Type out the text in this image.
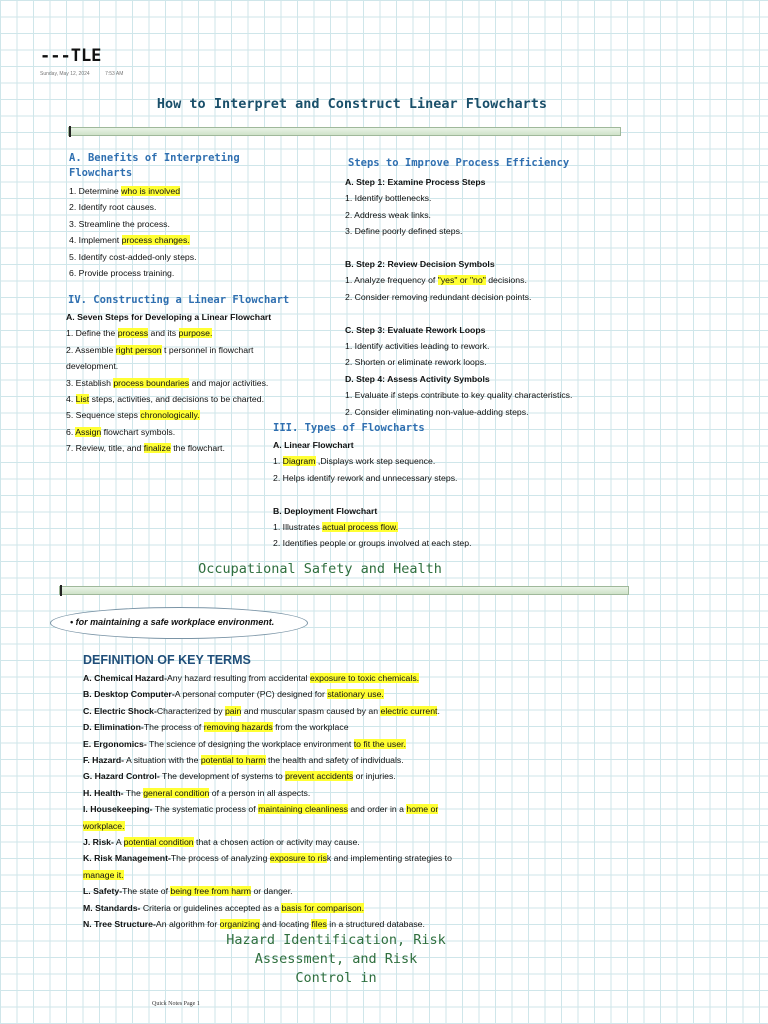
---TLE
Sunday, May 12, 2024	7:53 AM
How to Interpret and Construct Linear Flowcharts
A. Benefits of Interpreting
Flowcharts
1. Determine who is involved
2. Identify root causes.
3. Streamline the process.
4. Implement process changes.
5. Identify cost-added-only steps.
6. Provide process training.
IV. Constructing a Linear Flowchart
A. Seven Steps for Developing a Linear Flowchart
1. Define the process and its purpose.
2. Assemble right person t personnel in flowchart
development.
3. Establish process boundaries and major activities.
4. List steps, activities, and decisions to be charted.
5. Sequence steps chronologically.
6. Assign flowchart symbols.
7. Review, title, and finalize the flowchart.
Steps to Improve Process Efficiency
A. Step 1: Examine Process Steps
1. Identify bottlenecks.
2. Address weak links.
3. Define poorly defined steps.
B. Step 2: Review Decision Symbols
1. Analyze frequency of "yes" or "no" decisions.
2. Consider removing redundant decision points.
C. Step 3: Evaluate Rework Loops
1. Identify activities leading to rework.
2. Shorten or eliminate rework loops.
D. Step 4: Assess Activity Symbols
1. Evaluate if steps contribute to key quality characteristics.
2. Consider eliminating non-value-adding steps.
III. Types of Flowcharts
A. Linear Flowchart
1. Diagram ,Displays work step sequence.
2. Helps identify rework and unnecessary steps.
B. Deployment Flowchart
1. Illustrates actual process flow.
2. Identifies people or groups involved at each step.
Occupational Safety and Health
• for maintaining a safe workplace environment.
DEFINITION OF KEY TERMS
A. Chemical Hazard-Any hazard resulting from accidental exposure to toxic chemicals.
B. Desktop Computer-A personal computer (PC) designed for stationary use.
C. Electric Shock-Characterized by pain and muscular spasm caused by an electric current.
D. Elimination-The process of removing hazards from the workplace
E. Ergonomics- The science of designing the workplace environment to fit the user.
F. Hazard- A situation with the potential to harm the health and safety of individuals.
G. Hazard Control- The development of systems to prevent accidents or injuries.
H. Health- The general condition of a person in all aspects.
I. Housekeeping- The systematic process of maintaining cleanliness and order in a home or
workplace.
J. Risk- A potential condition that a chosen action or activity may cause.
K. Risk Management-The process of analyzing exposure to risk and implementing strategies to
manage it.
L. Safety-The state of being free from harm or danger.
M. Standards- Criteria or guidelines accepted as a basis for comparison.
N. Tree Structure-An algorithm for organizing and locating files in a structured database.
Hazard Identification, Risk
Assessment, and Risk Control in
Quick Notes Page 1
